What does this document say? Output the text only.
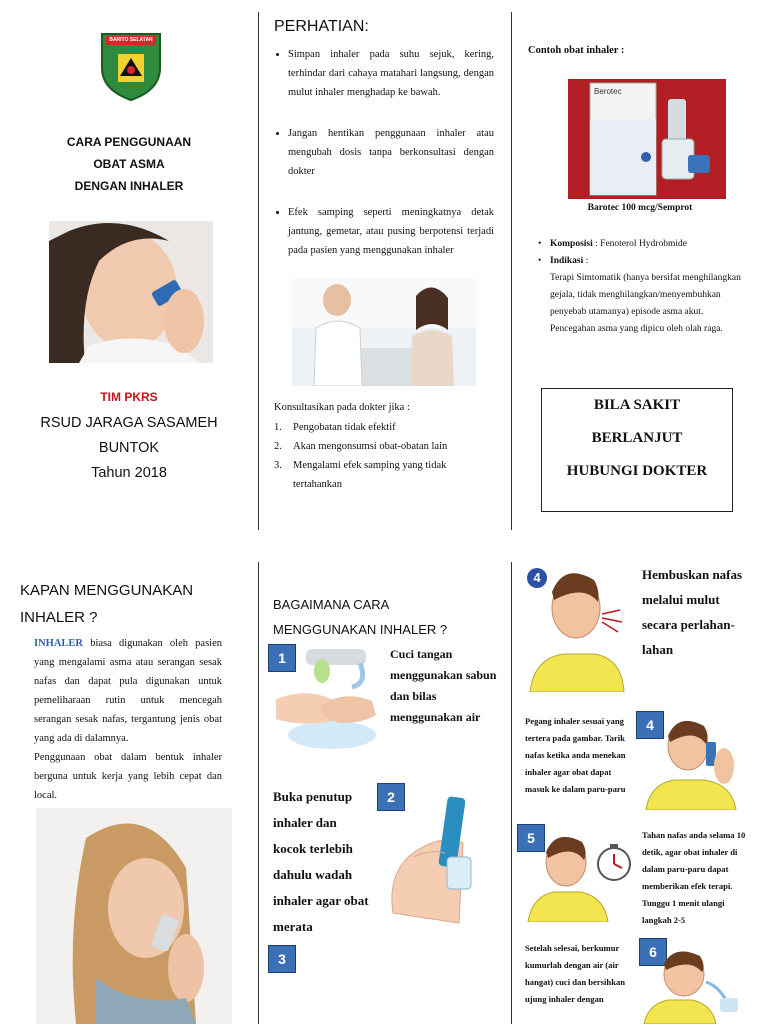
BARITO SELATAN
CARA PENGGUNAAN
OBAT ASMA
DENGAN INHALER
TIM PKRS
RSUD JARAGA SASAMEH
BUNTOK
Tahun 2018
PERHATIAN:
• Simpan inhaler pada suhu sejuk, kering, terhindar dari cahaya matahari langsung, dengan mulut inhaler menghadap ke bawah.
• Jangan hentikan penggunaan inhaler atau mengubah dosis tanpa berkonsultasi dengan dokter
• Efek samping seperti meningkatnya detak jantung, gemetar, atau pusing berpotensi terjadi pada pasien yang menggunakan inhaler
Konsultasikan pada dokter jika :
1.	Pengobatan tidak efektif
2.	Akan mengonsumsi obat-obatan lain
3.	Mengalami efek samping yang tidak tertahankan
Contoh obat inhaler :
Berotec
Barotec 100 mcg/Semprot
• Komposisi : Fenoterol Hydrobmide
• Indikasi :
Terapi Simtomatik (hanya bersifat menghilangkan gejala, tidak menghilangkan/menyembuhkan penyebab utamanya) episode asma akut. Pencegahan asma yang dipicu oleh olah raga.
BILA SAKIT
BERLANJUT
HUBUNGI DOKTER
KAPAN MENGGUNAKAN
INHALER ?
INHALER biasa digunakan oleh pasien yang mengalami asma atau serangan sesak nafas dan dapat pula digunakan untuk pemeliharaan rutin untuk mencegah serangan sesak nafas, tergantung jenis obat yang ada di dalamnya.
Penggunaan obat dalam bentuk inhaler berguna untuk kerja yang lebih cepat dan local.
BAGAIMANA CARA
MENGGUNAKAN INHALER ?
1	Cuci tangan menggunakan sabun dan bilas menggunakan air
2
Buka penutup inhaler dan kocok terlebih dahulu wadah inhaler agar obat merata
3
4	Hembuskan nafas melalui mulut secara perlahan-lahan
Pegang inhaler sesuai yang tertera pada gambar. Tarik nafas ketika anda menekan inhaler agar obat dapat masuk ke dalam paru-paru
4
5	Tahan nafas anda selama 10 detik, agar obat inhaler di dalam paru-paru dapat memberikan efek terapi. Tunggu 1 menit ulangi langkah 2-5
Setelah selesai, berkumur kumurlah dengan air (air hangat) cuci dan bersihkan ujung inhaler dengan
6
